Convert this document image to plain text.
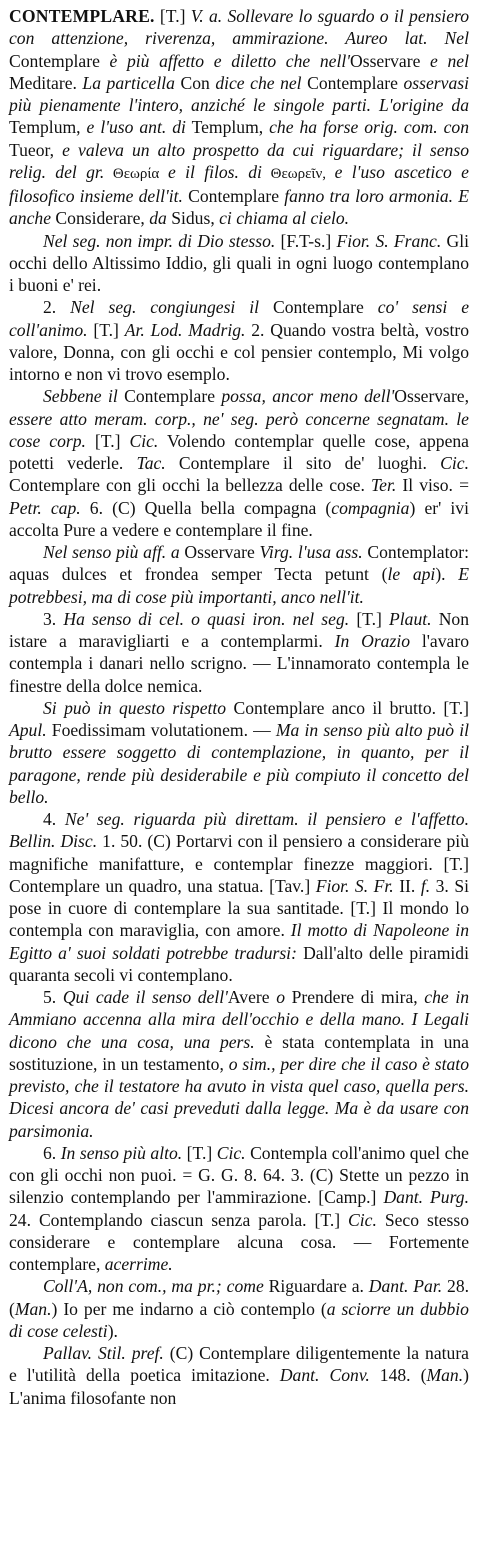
CONTEMPLARE. [T.] V. a. Sollevare lo sguardo o il pensiero con attenzione, riverenza, ammirazione. Aureo lat. Nel Contemplare è più affetto e diletto che nell'Osservare e nel Meditare. La particella Con dice che nel Contemplare osservasi più pienamente l'intero, anziché le singole parti. L'origine da Templum, e l'uso ant. di Templum, che ha forse orig. com. con Tueor, e valeva un alto prospetto da cui riguardare; il senso relig. del gr. Θεωρία e il filos. di Θεωρεῖν, e l'uso ascetico e filosofico insieme dell'it. Contemplare fanno tra loro armonia. E anche Considerare, da Sidus, ci chiama al cielo.

Nel seg. non impr. di Dio stesso. [F.T-s.] Fior. S. Franc. Gli occhi dello Altissimo Iddio, gli quali in ogni luogo contemplano i buoni e' rei.

2. Nel seg. congiungesi il Contemplare co' sensi e coll'animo. [T.] Ar. Lod. Madrig. 2. Quando vostra beltà, vostro valore, Donna, con gli occhi e col pensier contemplo, Mi volgo intorno e non vi trovo esemplo.

Sebbene il Contemplare possa, ancor meno dell'Osservare, essere atto meram. corp., ne' seg. però concerne segnatam. le cose corp. [T.] Cic. Volendo contemplar quelle cose, appena potetti vederle. Tac. Contemplare il sito de' luoghi. Cic. Contemplare con gli occhi la bellezza delle cose. Ter. Il viso. = Petr. cap. 6. (C) Quella bella compagna (compagnia) er' ivi accolta Pure a vedere e contemplare il fine.

Nel senso più aff. a Osservare Virg. l'usa ass. Contemplator: aquas dulces et frondea semper Tecta petunt (le api). E potrebbesi, ma di cose più importanti, anco nell'it.

3. Ha senso di cel. o quasi iron. nel seg. [T.] Plaut. Non istare a maravigliarti e a contemplarmi. In Orazio l'avaro contempla i danari nello scrigno. — L'innamorato contempla le finestre della dolce nemica.

Si può in questo rispetto Contemplare anco il brutto. [T.] Apul. Foedissimam volutationem. — Ma in senso più alto può il brutto essere soggetto di contemplazione, in quanto, per il paragone, rende più desiderabile e più compiuto il concetto del bello.

4. Ne' seg. riguarda più direttam. il pensiero e l'affetto. Bellin. Disc. 1. 50. (C) Portarvi con il pensiero a considerare più magnifiche manifatture, e contemplar finezze maggiori. [T.] Contemplare un quadro, una statua. [Tav.] Fior. S. Fr. II. f. 3. Si pose in cuore di contemplare la sua santitade. [T.] Il mondo lo contempla con maraviglia, con amore. Il motto di Napoleone in Egitto a' suoi soldati potrebbe tradursi: Dall'alto delle piramidi quaranta secoli vi contemplano.

5. Qui cade il senso dell'Avere o Prendere di mira, che in Ammiano accenna alla mira dell'occhio e della mano. I Legali dicono che una cosa, una pers. è stata contemplata in una sostituzione, in un testamento, o sim., per dire che il caso è stato previsto, che il testatore ha avuto in vista quel caso, quella pers. Dicesi ancora de' casi preveduti dalla legge. Ma è da usare con parsimonia.

6. In senso più alto. [T.] Cic. Contempla coll'animo quel che con gli occhi non puoi. = G. G. 8. 64. 3. (C) Stette un pezzo in silenzio contemplando per l'ammirazione. [Camp.] Dant. Purg. 24. Contemplando ciascun senza parola. [T.] Cic. Seco stesso considerare e contemplare alcuna cosa. — Fortemente contemplare, acerrime.

Coll'A, non com., ma pr.; come Riguardare a. Dant. Par. 28. (Man.) Io per me indarno a ciò contemplo (a sciorre un dubbio di cose celesti).

Pallav. Stil. pref. (C) Contemplare diligentemente la natura e l'utilità della poetica imitazione. Dant. Conv. 148. (Man.) L'anima filosofante non
